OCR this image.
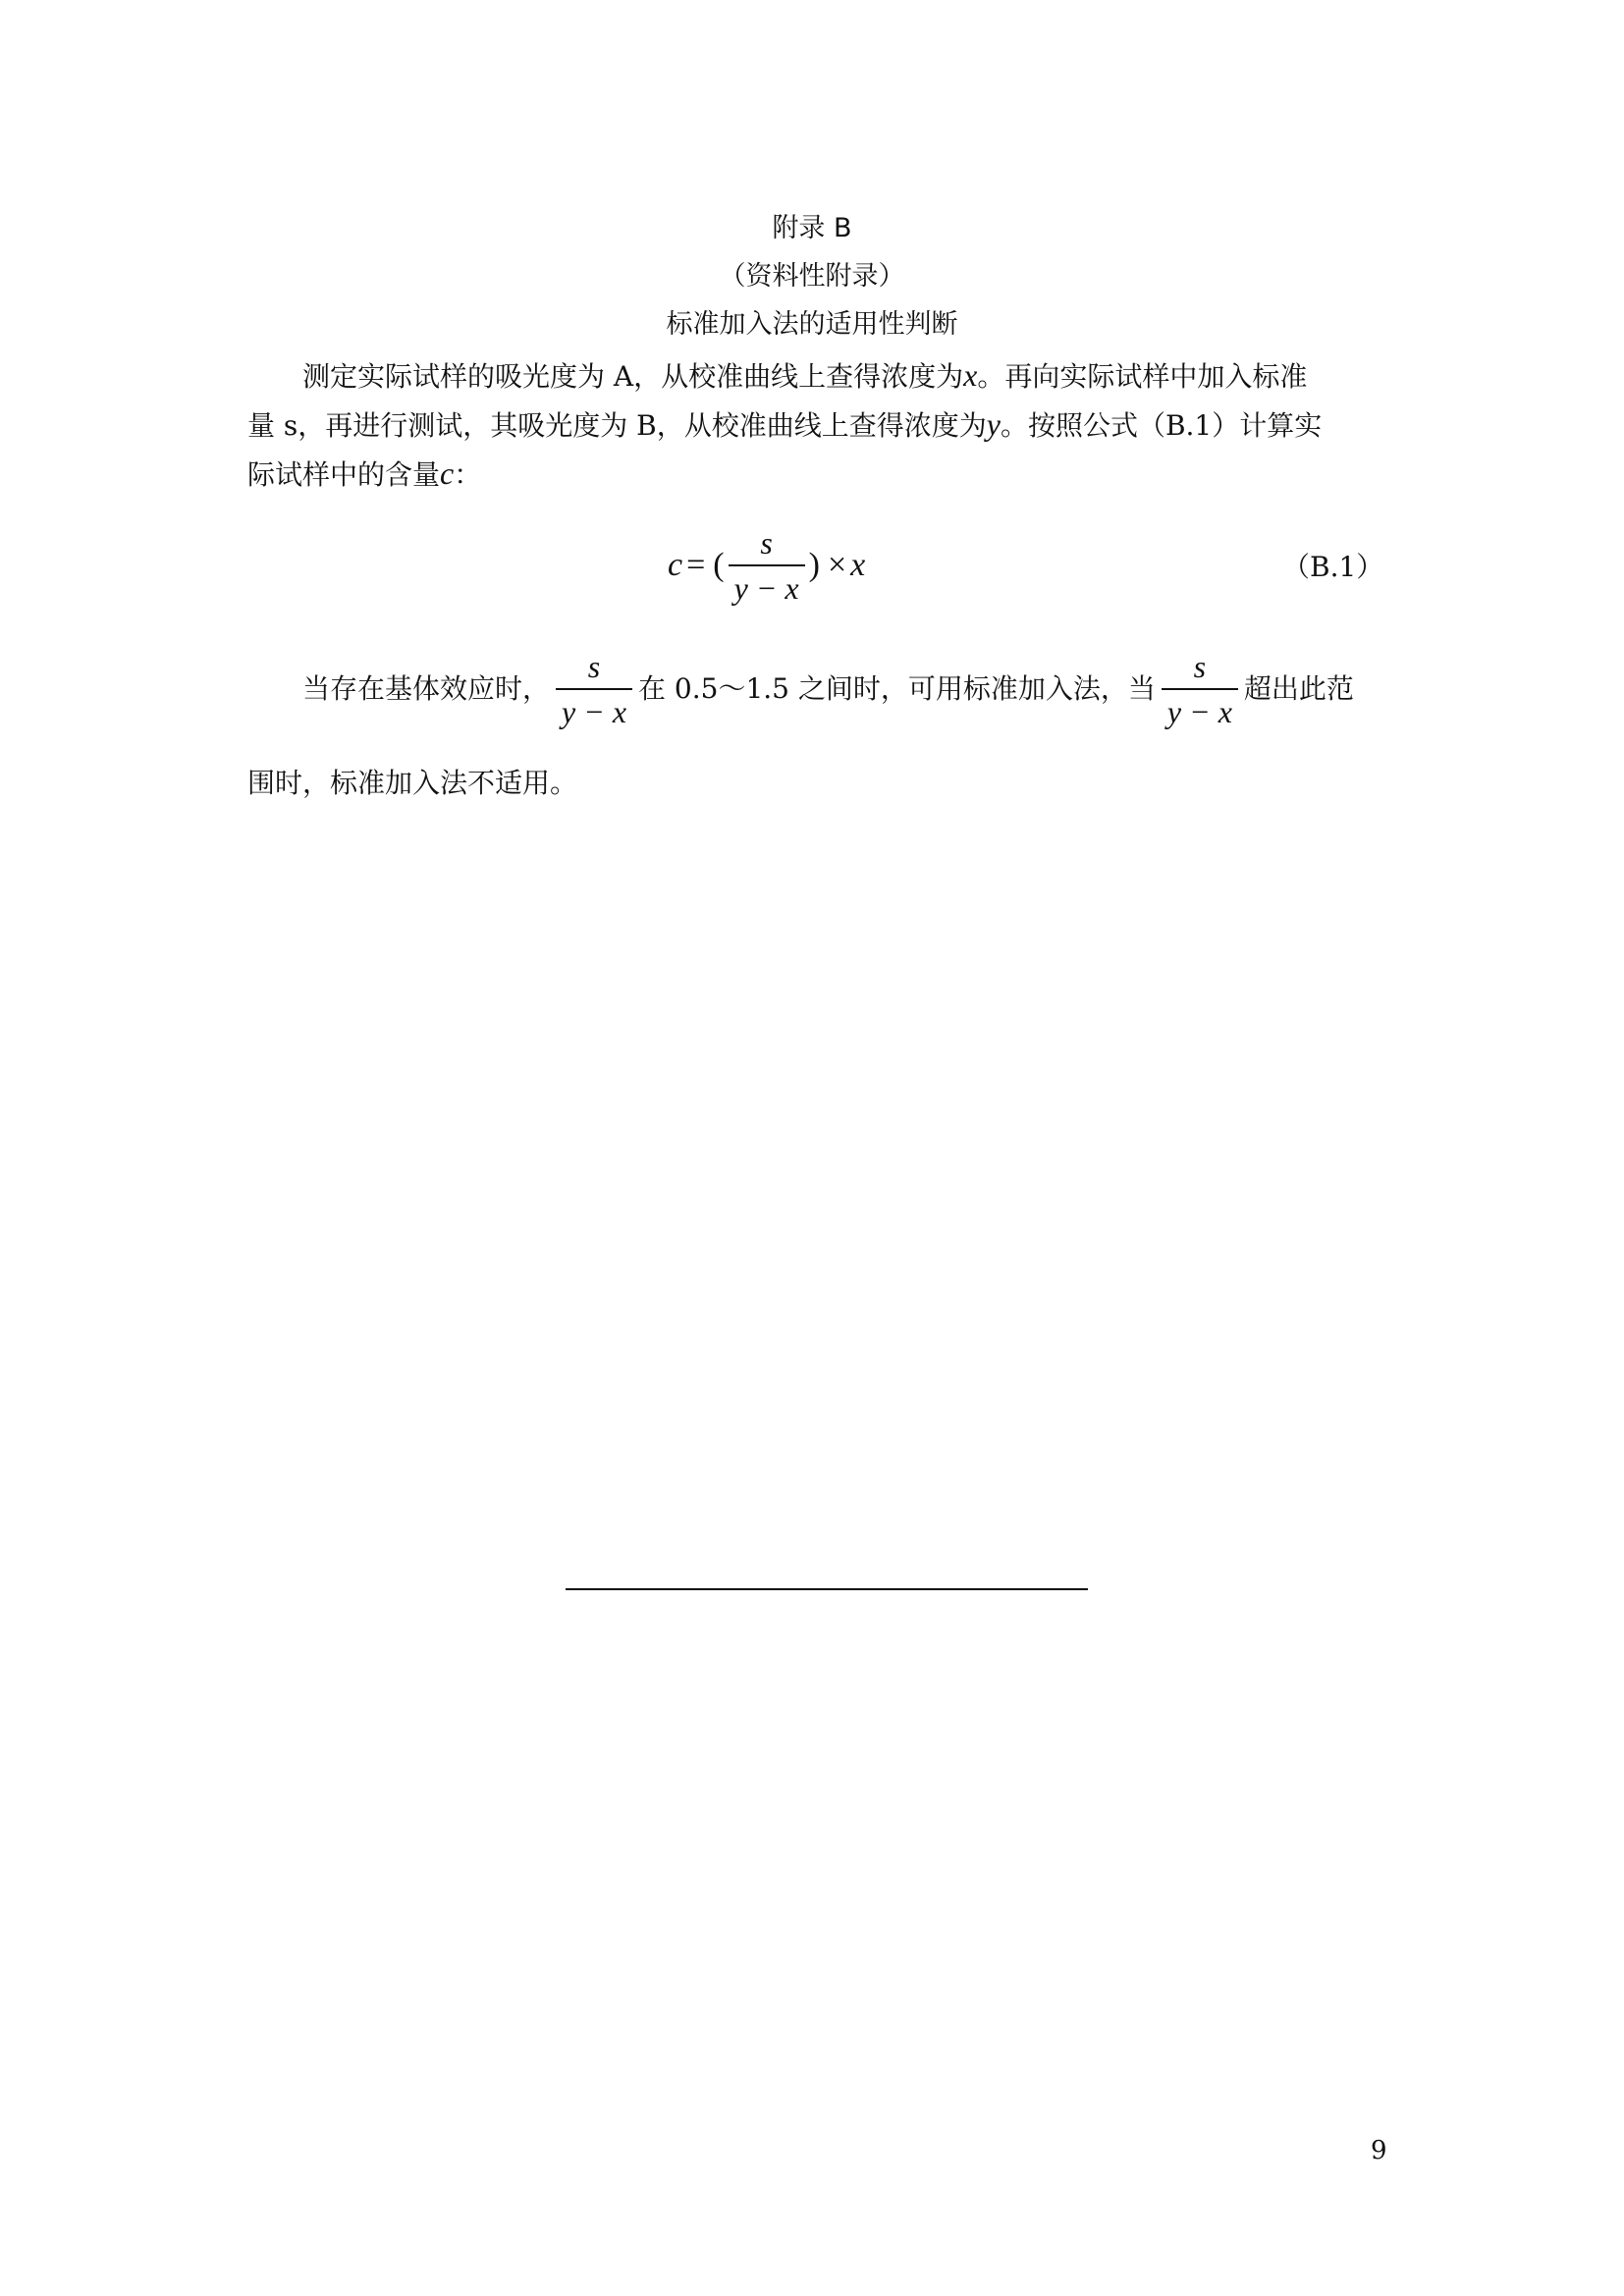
附录 B
（资料性附录）
标准加入法的适用性判断
测定实际试样的吸光度为 A，从校准曲线上查得浓度为x。再向实际试样中加入标准
量 s，再进行测试，其吸光度为 B，从校准曲线上查得浓度为y。按照公式（B.1）计算实
际试样中的含量c：
c = ( $\frac{s}{y - x}$ ) × x	（B.1）
当存在基体效应时， $\frac{s}{y - x}$ 在 0.5～1.5 之间时，可用标准加入法，当 $\frac{s}{y - x}$ 超出此范
围时，标准加入法不适用。
9
